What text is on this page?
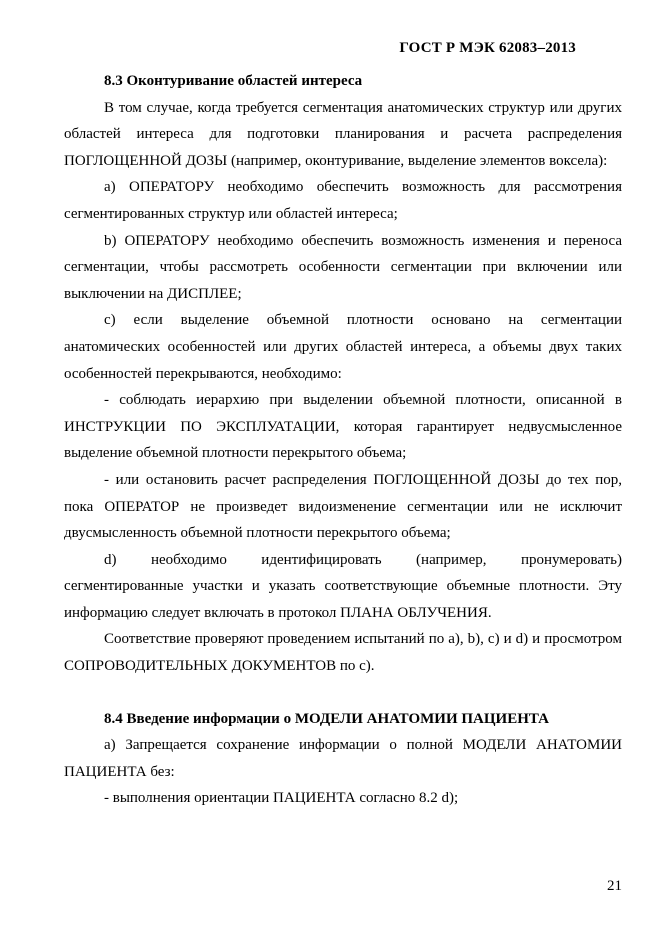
ГОСТ Р МЭК 62083–2013

8.3 Оконтуривание областей интереса

В том случае, когда требуется сегментация анатомических структур или других областей интереса для подготовки планирования и расчета распределения ПОГЛОЩЕННОЙ ДОЗЫ (например, оконтуривание, выделение элементов воксела):

a) ОПЕРАТОРУ необходимо обеспечить возможность для рассмотрения сегментированных структур или областей интереса;

b) ОПЕРАТОРУ необходимо обеспечить возможность изменения и переноса сегментации, чтобы рассмотреть особенности сегментации при включении или выключении на ДИСПЛЕЕ;

c) если выделение объемной плотности основано на сегментации анатомических особенностей или других областей интереса, а объемы двух таких особенностей перекрываются, необходимо:

- соблюдать иерархию при выделении объемной плотности, описанной в ИНСТРУКЦИИ ПО ЭКСПЛУАТАЦИИ, которая гарантирует недвусмысленное выделение объемной плотности перекрытого объема;

- или остановить расчет распределения ПОГЛОЩЕННОЙ ДОЗЫ до тех пор, пока ОПЕРАТОР не произведет видоизменение сегментации или не исключит двусмысленность объемной плотности перекрытого объема;

d) необходимо идентифицировать (например, пронумеровать) сегментированные участки и указать соответствующие объемные плотности. Эту информацию следует включать в протокол ПЛАНА ОБЛУЧЕНИЯ.

Соответствие проверяют проведением испытаний по a), b), c) и d) и просмотром СОПРОВОДИТЕЛЬНЫХ ДОКУМЕНТОВ по c).

8.4 Введение информации о МОДЕЛИ АНАТОМИИ ПАЦИЕНТА

a) Запрещается сохранение информации о полной МОДЕЛИ АНАТОМИИ ПАЦИЕНТА без:

- выполнения ориентации ПАЦИЕНТА согласно 8.2 d);

21
